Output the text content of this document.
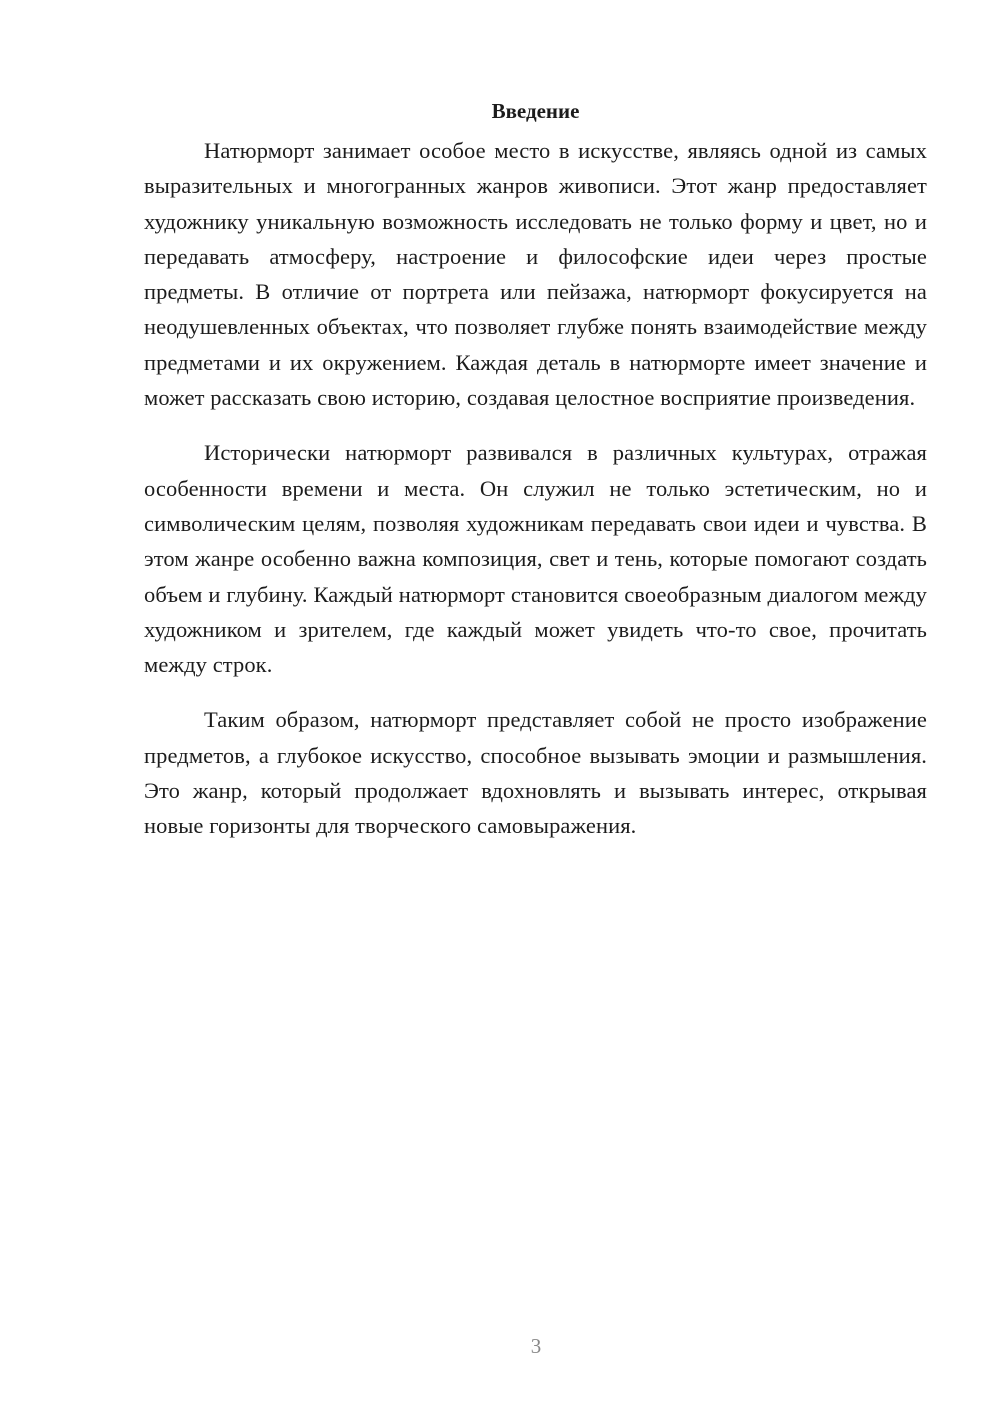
Введение

Натюрморт занимает особое место в искусстве, являясь одной из самых выразительных и многогранных жанров живописи. Этот жанр предоставляет художнику уникальную возможность исследовать не только форму и цвет, но и передавать атмосферу, настроение и философские идеи через простые предметы. В отличие от портрета или пейзажа, натюрморт фокусируется на неодушевленных объектах, что позволяет глубже понять взаимодействие между предметами и их окружением. Каждая деталь в натюрморте имеет значение и может рассказать свою историю, создавая целостное восприятие произведения.

Исторически натюрморт развивался в различных культурах, отражая особенности времени и места. Он служил не только эстетическим, но и символическим целям, позволяя художникам передавать свои идеи и чувства. В этом жанре особенно важна композиция, свет и тень, которые помогают создать объем и глубину. Каждый натюрморт становится своеобразным диалогом между художником и зрителем, где каждый может увидеть что-то свое, прочитать между строк.

Таким образом, натюрморт представляет собой не просто изображение предметов, а глубокое искусство, способное вызывать эмоции и размышления. Это жанр, который продолжает вдохновлять и вызывать интерес, открывая новые горизонты для творческого самовыражения.

3
